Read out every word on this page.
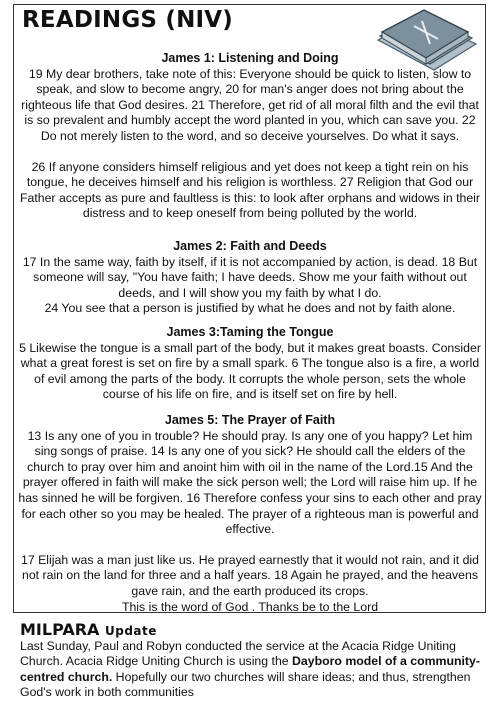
READINGS (NIV)
James 1: Listening and Doing

19 My dear brothers, take note of this: Everyone should be quick to listen, slow to speak, and slow to become angry, 20 for man's anger does not bring about the righteous life that God desires. 21 Therefore, get rid of all moral filth and the evil that is so prevalent and humbly accept the word planted in you, which can save you. 22 Do not merely listen to the word, and so deceive yourselves. Do what it says.

26 If anyone considers himself religious and yet does not keep a tight rein on his tongue, he deceives himself and his religion is worthless. 27 Religion that God our Father accepts as pure and faultless is this: to look after orphans and widows in their distress and to keep oneself from being polluted by the world.

James 2: Faith and Deeds

17 In the same way, faith by itself, if it is not accompanied by action, is dead. 18 But someone will say, "You have faith; I have deeds. Show me your faith without out deeds, and I will show you my faith by what I do.

24 You see that a person is justified by what he does and not by faith alone.

James 3:Taming the Tongue

5 Likewise the tongue is a small part of the body, but it makes great boasts. Consider what a great forest is set on fire by a small spark. 6 The tongue also is a fire, a world of evil among the parts of the body. It corrupts the whole person, sets the whole course of his life on fire, and is itself set on fire by hell.

James 5: The Prayer of Faith

13 Is any one of you in trouble? He should pray. Is any one of you happy? Let him sing songs of praise. 14 Is any one of you sick? He should call the elders of the church to pray over him and anoint him with oil in the name of the Lord.15 And the prayer offered in faith will make the sick person well; the Lord will raise him up. If he has sinned he will be forgiven. 16 Therefore confess your sins to each other and pray for each other so you may be healed. The prayer of a righteous man is powerful and effective.

17 Elijah was a man just like us. He prayed earnestly that it would not rain, and it did not rain on the land for three and a half years. 18 Again he prayed, and the heavens gave rain, and the earth produced its crops.

This is the word of God . Thanks be to the Lord

MILPARA Update

Last Sunday, Paul and Robyn conducted the service at the Acacia Ridge Uniting Church. Acacia Ridge Uniting Church is using the Dayboro model of a community-centred church. Hopefully our two churches will share ideas; and thus, strengthen God's work in both communities
